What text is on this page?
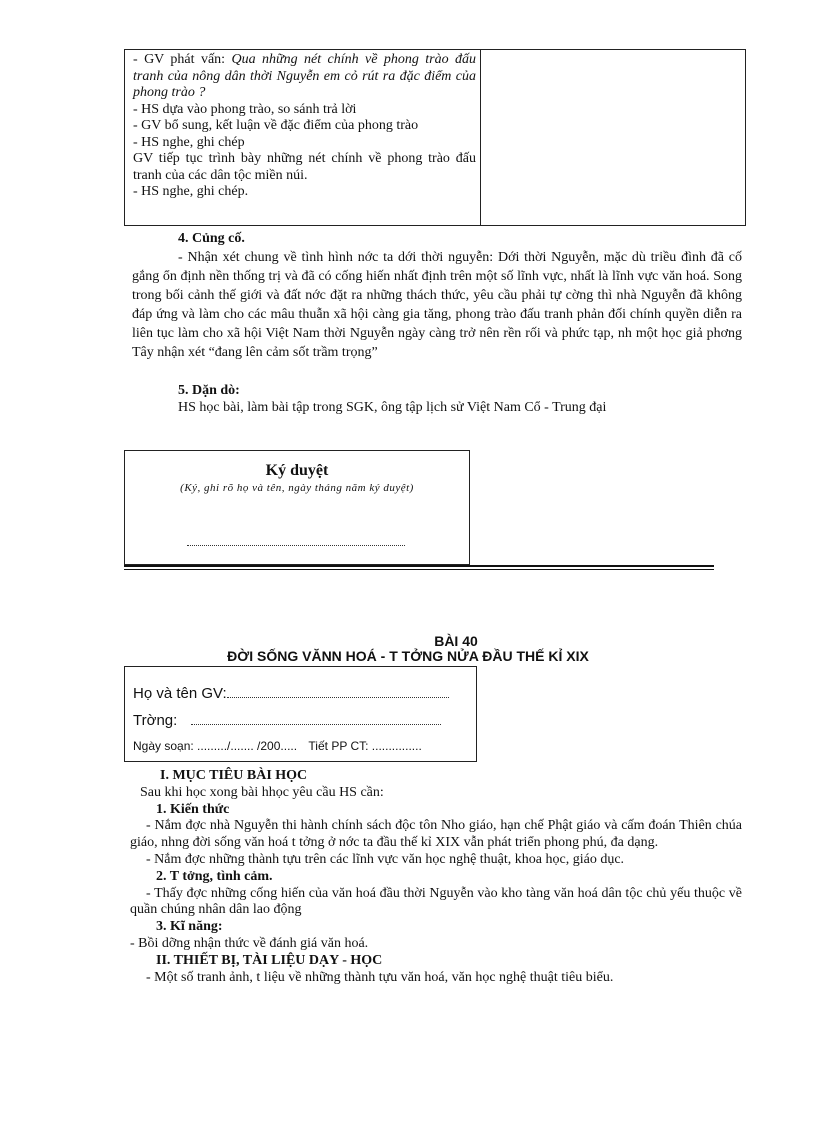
- GV phát vấn: Qua những nét chính về phong trào đấu tranh của nông dân thời Nguyễn em cỏ rút ra đặc điểm của phong trào ?

- HS dựa vào phong trào, so sánh trả lời

- GV bổ sung, kết luận về đặc điểm của phong trào

- HS nghe, ghi chép

GV tiếp tục trình bày những nét chính về phong trào đấu tranh của các dân tộc miền núi.

- HS nghe, ghi chép.

4. Củng cố.
- Nhận xét chung về tình hình nớc ta dới thời nguyễn: Dới thời Nguyễn, mặc dù triều đình đã cố gắng ổn định nền thống trị và đã có cống hiến nhất định trên một số lĩnh vực, nhất là lĩnh vực văn hoá. Song trong bối cảnh thế giới và đất nớc đặt ra những thách thức, yêu cầu phải tự cờng thì nhà Nguyễn đã không đáp ứng và làm cho các mâu thuẫn xã hội càng gia tăng, phong trào đấu tranh phản đối chính quyền diễn ra liên tục làm cho xã hội Việt Nam thời Nguyễn ngày càng trở nên rền rối và phức tạp, nh một học giả phơng Tây nhận xét “đang lên cảm sốt trầm trọng”
5. Dặn dò:
HS học bài, làm bài tập trong SGK, ông tập lịch sử Việt Nam Cổ - Trung đại
Ký duyệt
(Ký, ghi rõ họ và tên, ngày tháng năm ký duyệt)
BÀI 40
ĐỜI SỐNG VĂNN HOÁ - T TỞNG NỬA ĐẦU THẾ KỈ XIX
Họ và tên GV:
Trờng:
Ngày soạn: ........./....... /200..... Tiết PP CT: ...............

I. MỤC TIÊU BÀI HỌC

Sau khi học xong bài hhọc yêu cầu HS cần:

1. Kiến thức

- Nắm đợc nhà Nguyễn thi hành chính sách độc tôn Nho giáo, hạn chế Phật giáo và cấm đoán Thiên chúa giáo, nhng đời sống văn hoá t tởng ở nớc ta đầu thế kỉ XIX vẫn phát triển phong phú, đa dạng.

- Nắm đợc những thành tựu trên các lĩnh vực văn học nghệ thuật, khoa học, giáo dục.

2. T tởng, tình cảm.

- Thấy đợc những cống hiến của văn hoá đầu thời Nguyễn vào kho tàng văn hoá dân tộc chủ yếu thuộc về quần chúng nhân dân lao động

3. Kĩ năng:

- Bồi dỡng nhận thức về đánh giá văn hoá.

II. THIẾT BỊ, TÀI LIỆU DẠY - HỌC

- Một số tranh ảnh, t liệu về những thành tựu văn hoá, văn học nghệ thuật tiêu biểu.
